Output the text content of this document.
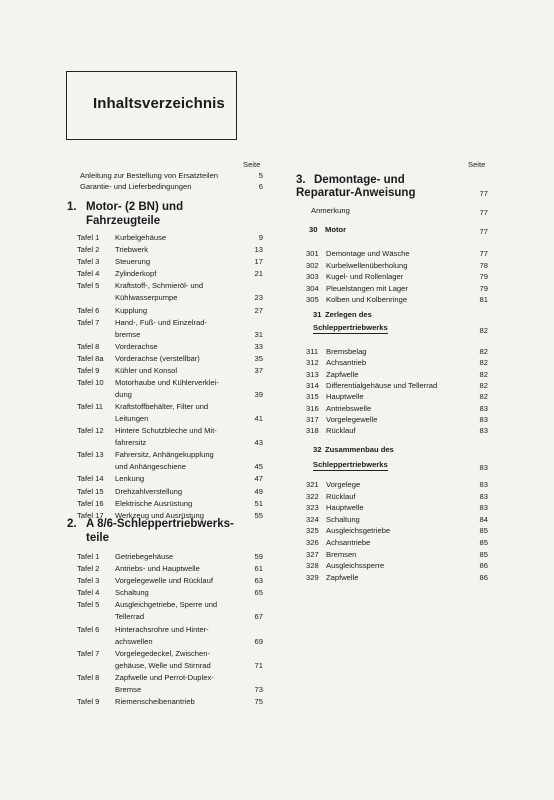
Inhaltsverzeichnis
Seite
Anleitung zur Bestellung von Ersatzteilen	5
Garantie- und Lieferbedingungen	6
1. Motor- (2 BN) und
Fahrzeugteile
Tafel 1 Kurbelgehäuse	9
Tafel 2 Triebwerk	13
Tafel 3 Steuerung	17
Tafel 4 Zylinderkopf	21
Tafel 5 Kraftstoff-, Schmieröl- und
Kühlwasserpumpe	23
Tafel 6 Kupplung	27
Tafel 7 Hand-, Fuß- und Einzelrad-
bremse	31
Tafel 8 Vorderachse	33
Tafel 8a Vorderachse (verstellbar)	35
Tafel 9 Kühler und Konsol	37
Tafel 10 Motorhaube und Kühlerverklei-
dung	39
Tafel 11 Kraftstoffbehälter, Filter und
Leitungen	41
Tafel 12 Hintere Schutzbleche und Mit-
fahrersitz	43
Tafel 13 Fahrersitz, Anhängekupplung
und Anhängeschiene	45
Tafel 14 Lenkung	47
Tafel 15 Drehzahlverstellung	49
Tafel 16 Elektrische Ausrüstung	51
Tafel 17 Werkzeug und Ausrüstung	55
2. A 8/6-Schleppertriebwerks-
teile
Tafel 1 Getriebegehäuse	59
Tafel 2 Antriebs- und Hauptwelle	61
Tafel 3 Vorgelegewelle und Rücklauf	63
Tafel 4 Schaltung	65
Tafel 5 Ausgleichgetriebe, Sperre und
Tellerrad	67
Tafel 6 Hinterachsrohre und Hinter-
achswellen	69
Tafel 7 Vorgelegedeckel, Zwischen-
gehäuse, Welle und Stirnrad	71
Tafel 8 Zapfwelle und Perrot-Duplex-
Bremse	73
Tafel 9 Riemenscheibenantrieb	75
Seite
3. Demontage- und
Reparatur-Anweisung	77
Anmerkung	77
30 Motor	77
301 Demontage und Wäsche	77
302 Kurbelwellenüberholung	78
303 Kugel- und Rollenlager	79
304 Pleuelstangen mit Lager	79
305 Kolben und Kolbenringe	81
31 Zerlegen des
Schleppertriebwerks	82
311 Bremsbelag	82
312 Achsantrieb	82
313 Zapfwelle	82
314 Differentialgehäuse und Tellerrad	82
315 Hauptwelle	82
316 Antriebswelle	83
317 Vorgelegewelle	83
318 Rücklauf	83
32 Zusammenbau des
Schleppertriebwerks	83
321 Vorgelege	83
322 Rücklauf	83
323 Hauptwelle	83
324 Schaltung	84
325 Ausgleichsgetriebe	85
326 Achsantriebe	85
327 Bremsen	85
328 Ausgleichssperre	86
329 Zapfwelle	86
